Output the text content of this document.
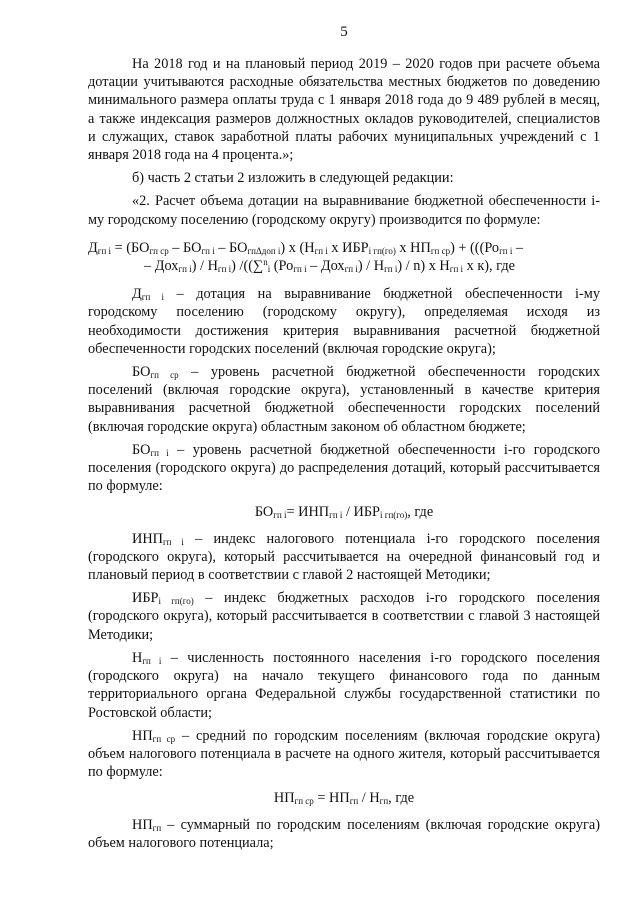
5

На 2018 год и на плановый период 2019 – 2020 годов при расчете объема дотации учитываются расходные обязательства местных бюджетов по доведению минимального размера оплаты труда с 1 января 2018 года до 9 489 рублей в месяц, а также индексация размеров должностных окладов руководителей, специалистов и служащих, ставок заработной платы рабочих муниципальных учреждений с 1 января 2018 года на 4 процента.»;

б) часть 2 статьи 2 изложить в следующей редакции:

«2. Расчет объема дотации на выравнивание бюджетной обеспеченности i-му городскому поселению (городскому округу) производится по формуле:

$Д_{гп i} = (БО_{гп ср} - БО_{гп i} - БО_{гп\Delta доп i})$ х ($Н_{гп i}$ х $ИБР_{i гп(го)}$ х $НП_{гп ср}) + (((Ро_{гп i}$ –
– $Дох_{гп i}) / Н_{гп i}$) /((∑$^n_i$ $(Ро_{гп i} - Дох_{гп i}) / Н_{гп i}) / n$) х $Н_{гп i}$ х к), где

$Д_{гп i}$ – дотация на выравнивание бюджетной обеспеченности i-му городскому поселению (городскому округу), определяемая исходя из необходимости достижения критерия выравнивания расчетной бюджетной обеспеченности городских поселений (включая городские округа);

$БО_{гп ср}$ – уровень расчетной бюджетной обеспеченности городских поселений (включая городские округа), установленный в качестве критерия выравнивания расчетной бюджетной обеспеченности городских поселений (включая городские округа) областным законом об областном бюджете;

$БО_{гп i}$ – уровень расчетной бюджетной обеспеченности i-го городского поселения (городского округа) до распределения дотаций, который рассчитывается по формуле:

$БО_{гп i}= ИНП_{гп i} / ИБР_{i гп(го)}$, где

$ИНП_{гп i}$ – индекс налогового потенциала i-го городского поселения (городского округа), который рассчитывается на очередной финансовый год и плановый период в соответствии с главой 2 настоящей Методики;

$ИБР_{i гп(го)}$ – индекс бюджетных расходов i-го городского поселения (городского округа), который рассчитывается в соответствии с главой 3 настоящей Методики;

$Н_{гп i}$ – численность постоянного населения i-го городского поселения (городского округа) на начало текущего финансового года по данным территориального органа Федеральной службы государственной статистики по Ростовской области;

$НП_{гп ср}$ – средний по городским поселениям (включая городские округа) объем налогового потенциала в расчете на одного жителя, который рассчитывается по формуле:

$НП_{гп ср} = НП_{гп} / Н_{гп}$, где

$НП_{гп}$ – суммарный по городским поселениям (включая городские округа) объем налогового потенциала;
